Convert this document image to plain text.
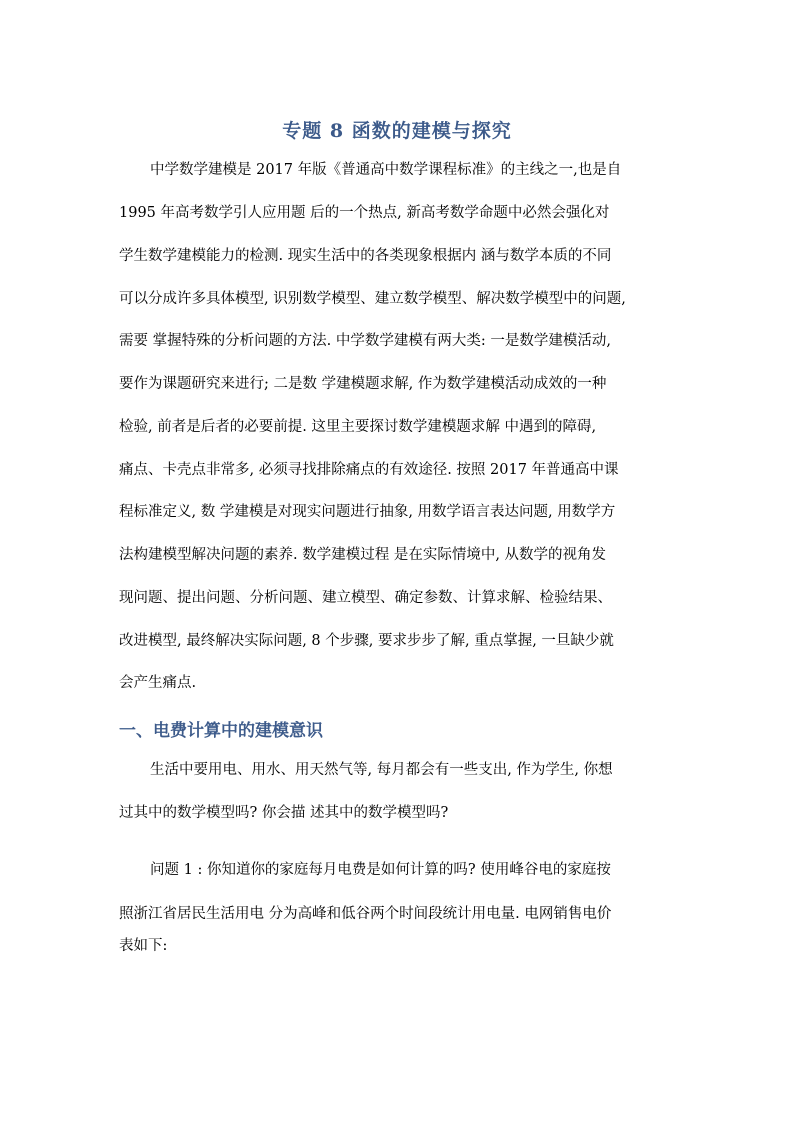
专题 8 函数的建模与探究
中学数学建模是 2017 年版《普通高中数学课程标准》的主线之一,也是自
1995 年高考数学引人应用题 后的一个热点, 新高考数学命题中必然会强化对
学生数学建模能力的检测. 现实生活中的各类现象根据内 涵与数学本质的不同
可以分成许多具体模型, 识别数学模型、建立数学模型、解决数学模型中的问题,
需要 掌握特殊的分析问题的方法. 中学数学建模有两大类: 一是数学建模活动,
要作为课题研究来进行; 二是数 学建模题求解, 作为数学建模活动成效的一种
检验, 前者是后者的必要前提. 这里主要探讨数学建模题求解 中遇到的障碍,
痛点、卡壳点非常多, 必须寻找排除痛点的有效途径. 按照 2017 年普通高中课
程标准定义, 数 学建模是对现实问题进行抽象, 用数学语言表达问题, 用数学方
法构建模型解决问题的素养. 数学建模过程 是在实际情境中, 从数学的视角发
现问题、提出问题、分析问题、建立模型、确定参数、计算求解、检验结果、
改进模型, 最终解决实际问题, 8 个步骤, 要求步步了解, 重点掌握, 一旦缺少就
会产生痛点.
一、电费计算中的建模意识
生活中要用电、用水、用天然气等, 每月都会有一些支出, 作为学生, 你想
过其中的数学模型吗? 你会描 述其中的数学模型吗?
问题 1 : 你知道你的家庭每月电费是如何计算的吗? 使用峰谷电的家庭按
照浙江省居民生活用电 分为高峰和低谷两个时间段统计用电量. 电网销售电价
表如下:
